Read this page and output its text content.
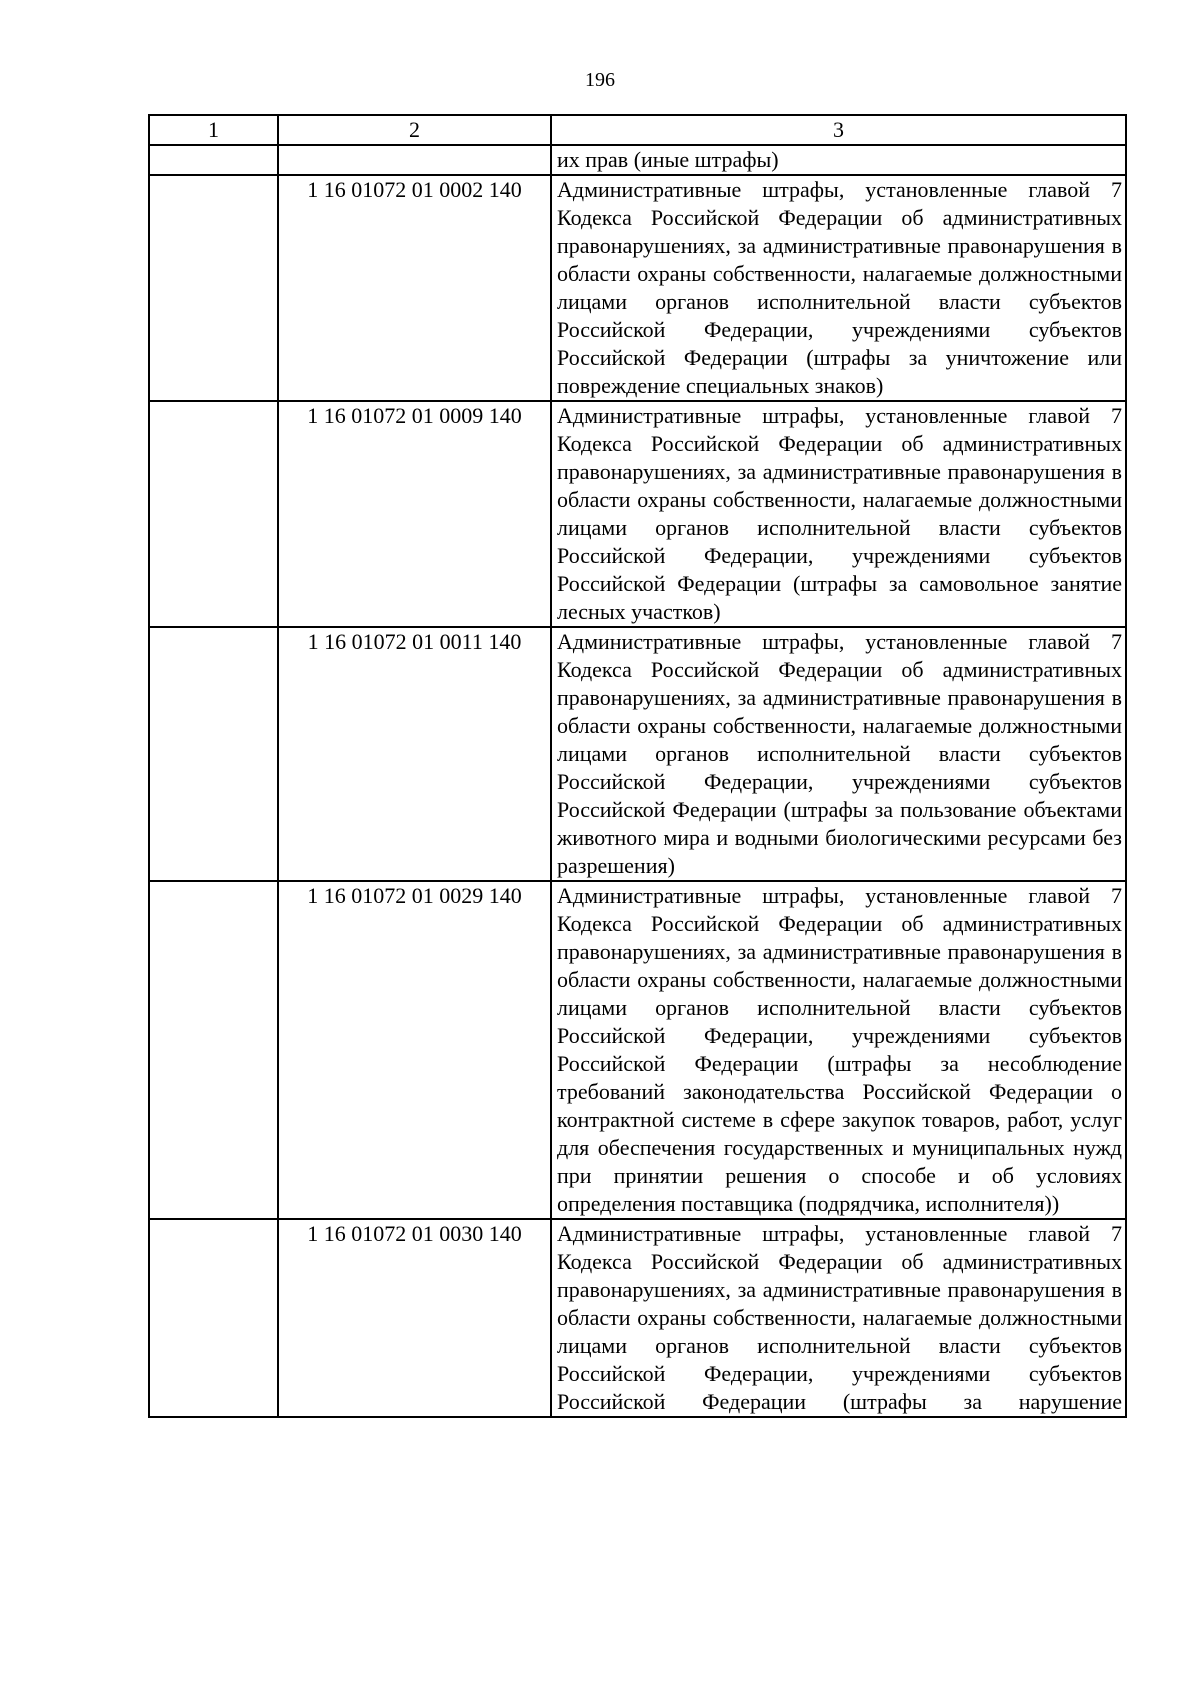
196
1	2	3
		их прав (иные штрафы)
	1 16 01072 01 0002 140	Административные штрафы, установленные главой 7 Кодекса Российской Федерации об административных правонарушениях, за административные правонарушения в области охраны собственности, налагаемые должностными лицами органов исполнительной власти субъектов Российской Федерации, учреждениями субъектов Российской Федерации (штрафы за уничтожение или повреждение специальных знаков)
	1 16 01072 01 0009 140	Административные штрафы, установленные главой 7 Кодекса Российской Федерации об административных правонарушениях, за административные правонарушения в области охраны собственности, налагаемые должностными лицами органов исполнительной власти субъектов Российской Федерации, учреждениями субъектов Российской Федерации (штрафы за самовольное занятие лесных участков)
	1 16 01072 01 0011 140	Административные штрафы, установленные главой 7 Кодекса Российской Федерации об административных правонарушениях, за административные правонарушения в области охраны собственности, налагаемые должностными лицами органов исполнительной власти субъектов Российской Федерации, учреждениями субъектов Российской Федерации (штрафы за пользование объектами животного мира и водными биологическими ресурсами без разрешения)
	1 16 01072 01 0029 140	Административные штрафы, установленные главой 7 Кодекса Российской Федерации об административных правонарушениях, за административные правонарушения в области охраны собственности, налагаемые должностными лицами органов исполнительной власти субъектов Российской Федерации, учреждениями субъектов Российской Федерации (штрафы за несоблюдение требований законодательства Российской Федерации о контрактной системе в сфере закупок товаров, работ, услуг для обеспечения государственных и муниципальных нужд при принятии решения о способе и об условиях определения поставщика (подрядчика, исполнителя))
	1 16 01072 01 0030 140	Административные штрафы, установленные главой 7 Кодекса Российской Федерации об административных правонарушениях, за административные правонарушения в области охраны собственности, налагаемые должностными лицами органов исполнительной власти субъектов Российской Федерации, учреждениями субъектов Российской Федерации (штрафы за нарушение
